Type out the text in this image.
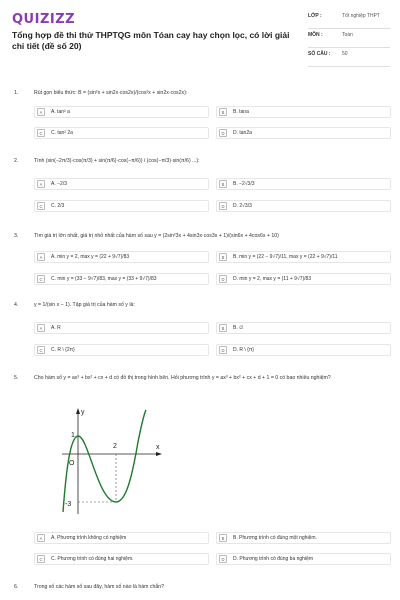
QUIZIZZ
Tổng hợp đề thi thử THPTQG môn Tóan cay hay chọn lọc, có lời giải chi tiết (đề số 20)
LỚP :	Tốt nghiệp THPT
MÔN :	Toán
SỐ CÂU :	50
1.	Rút gọn biểu thức: B = (sin²x + sin2x·cos2x)/(cos²x + sin2x·cos2x):
A	A. tan² a	B	B. tana
C	C. tan² 2a	D	D. tan2a
2.	Tính (sin(−2π/3)·cos(π/3) + sin(π/6)·cos(−π/6)) / (cos(−π/3)·sin(π/6) ...):
A	A. −2/3	B	B. −2√3/3
C	C. 2/3	D	D. 2√3/3
3.	Tìm giá trị lớn nhất, giá trị nhỏ nhất của hàm số sau y = (2sin²3x + 4sin3x·cos3x + 1)/(sin6x + 4cos6x + 10)
A	A. min y = 2, max y = (22 + 9√7)/83	B	B. min y = (22 − 9√7)/11, max y = (22 + 9√7)/11
C	C. min y = (33 − 9√7)/83, max y = (33 + 9√7)/83	D	D. min y = 2, max y = (11 + 9√7)/83
4.	y = 1/(sin x − 1). Tập giá trị của hàm số y là:
A	A. R	B	B. ∅
C	C. R \ {2π}	D	D. R \ {π}
5.	Cho hàm số y = ax³ + bx² + cx + d có đồ thị trong hình bên. Hỏi phương trình y = ax³ + bx² + cx + d + 1 = 0 có bao nhiêu nghiệm?
A	A. Phương trình không có nghiệm	B	B. Phương trình có đúng một nghiệm.
C	C. Phương trình có đúng hai nghiệm.	D	D. Phương trình có đúng ba nghiệm
y
x
O
1
-3
2
6.	Trong số các hàm số sau đây, hàm số nào là hàm chẵn?
